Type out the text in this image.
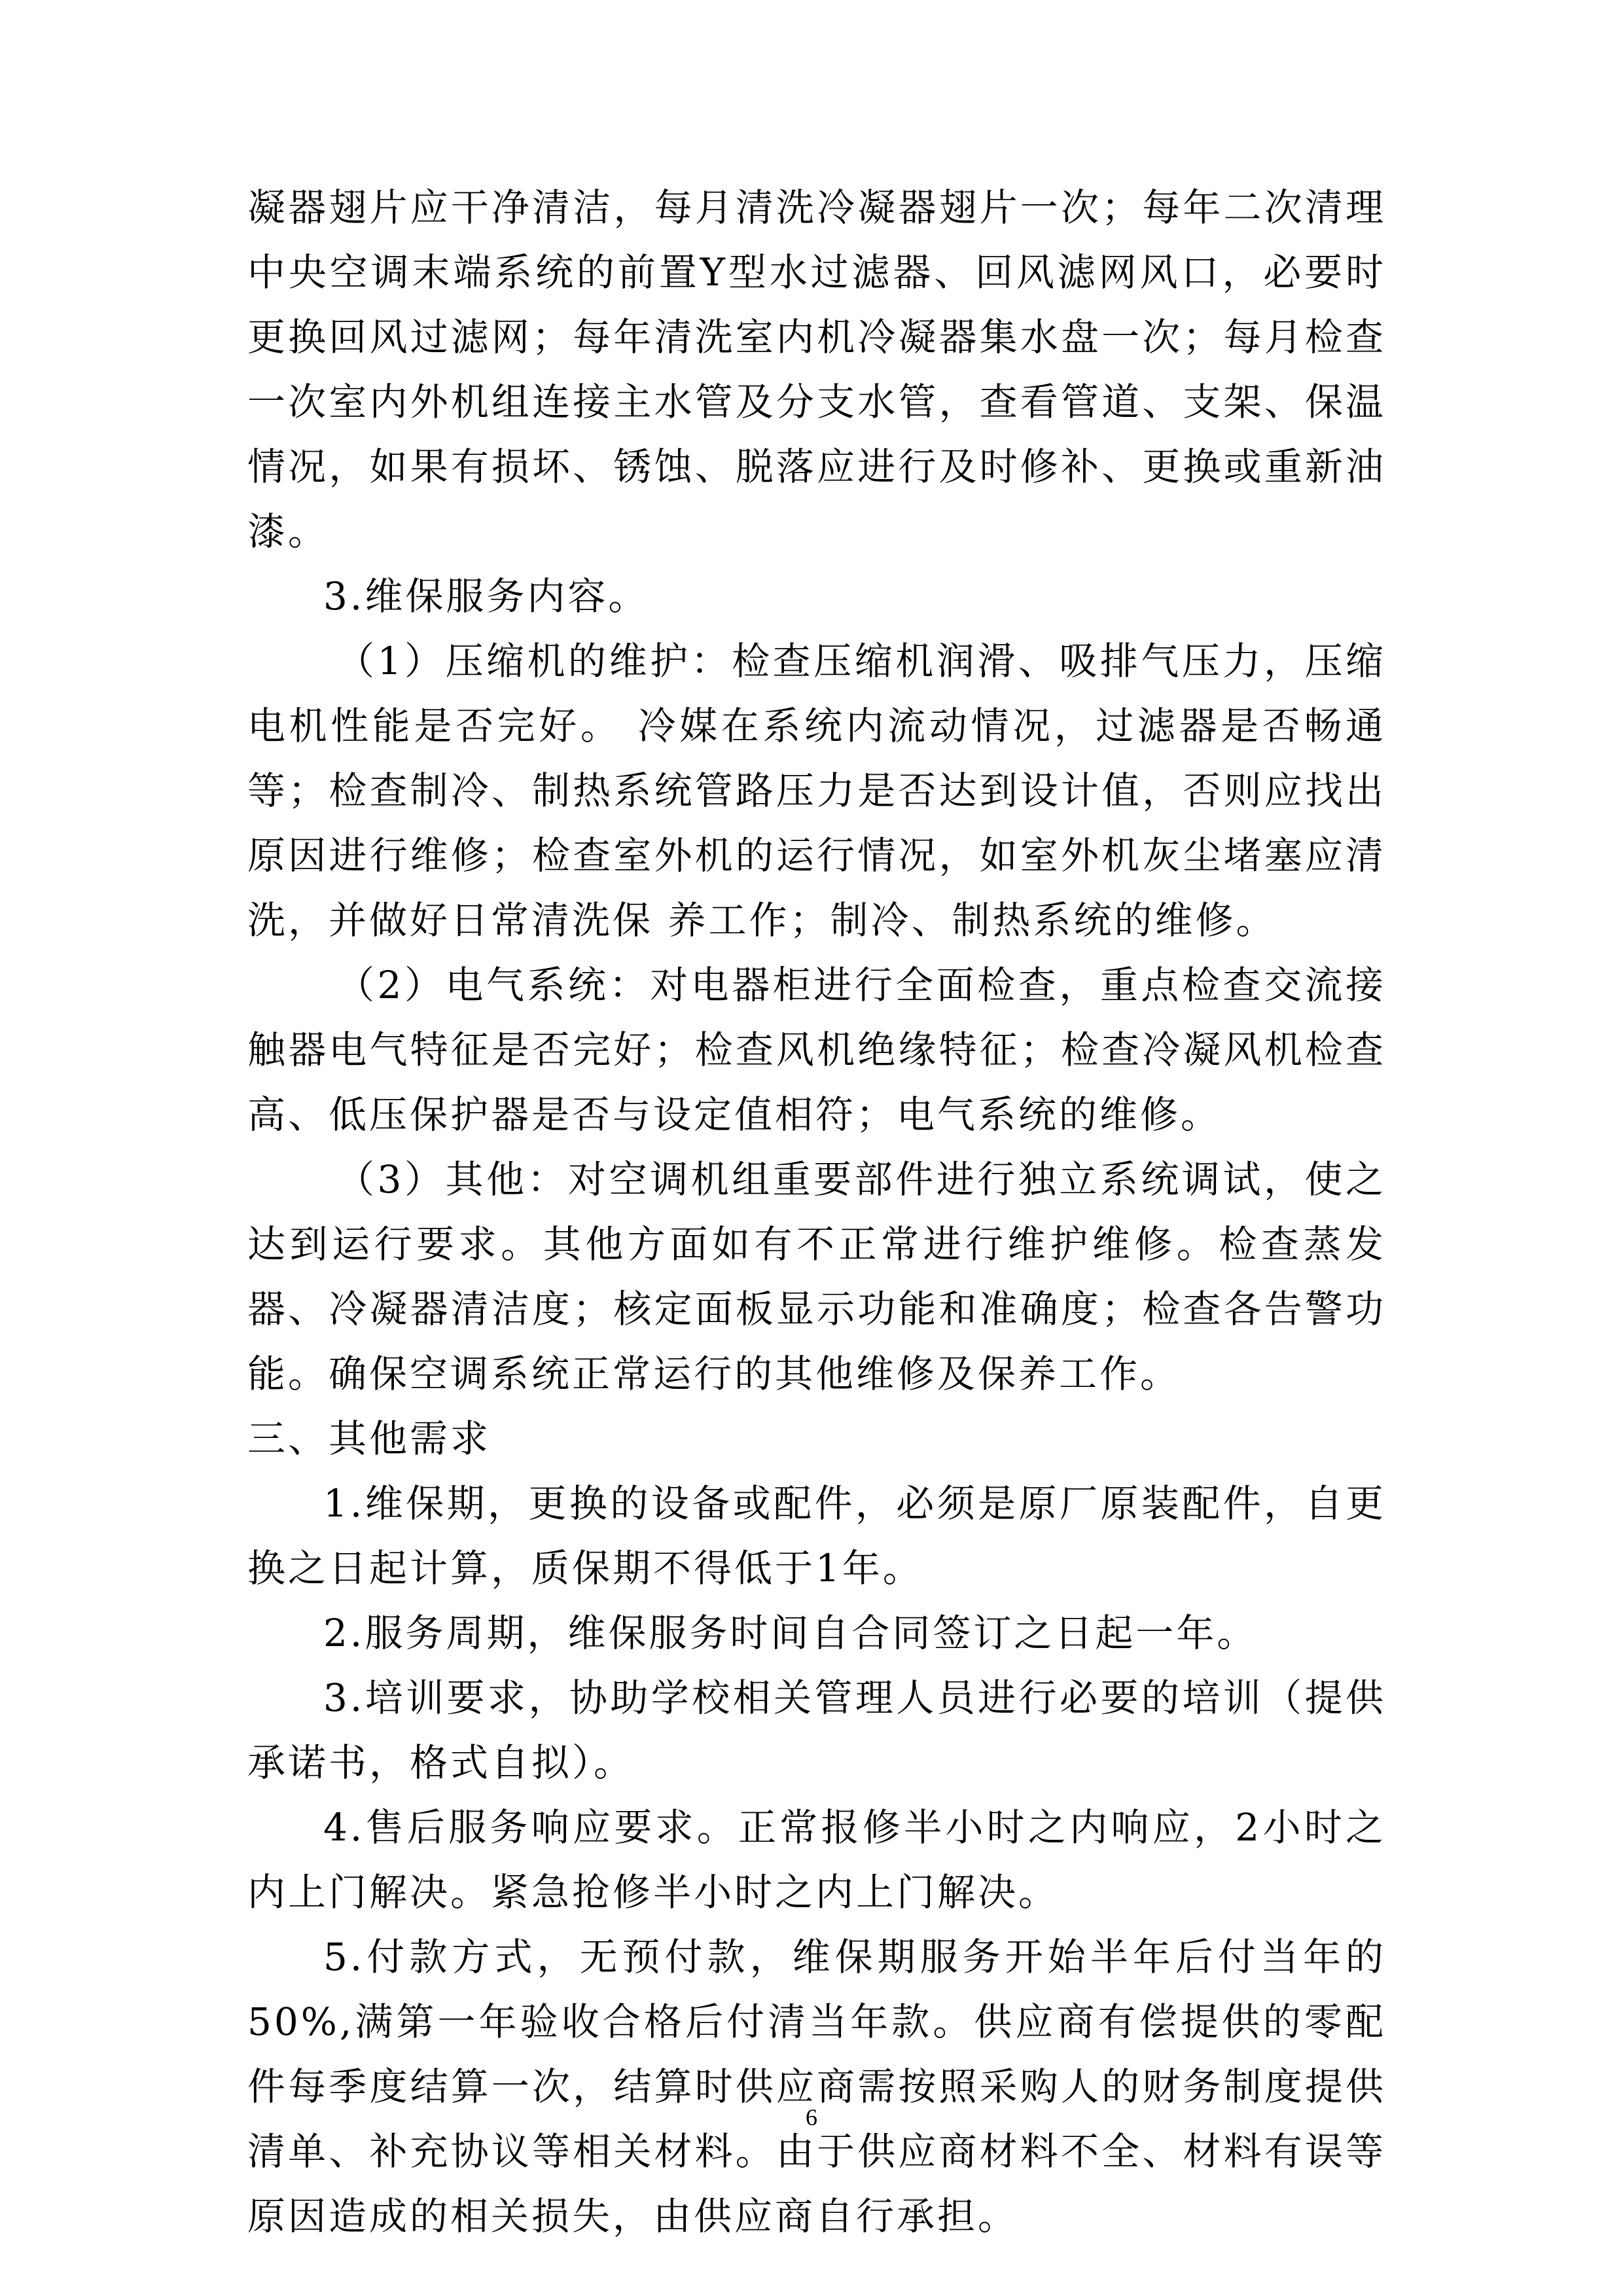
凝器翅片应干净清洁，每月清洗冷凝器翅片一次；每年二次清理中央空调末端系统的前置Y型水过滤器、回风滤网风口，必要时更换回风过滤网；每年清洗室内机冷凝器集水盘一次；每月检查一次室内外机组连接主水管及分支水管，查看管道、支架、保温情况，如果有损坏、锈蚀、脱落应进行及时修补、更换或重新油漆。

3.维保服务内容。

（1）压缩机的维护：检查压缩机润滑、吸排气压力，压缩电机性能是否完好。 冷媒在系统内流动情况，过滤器是否畅通等；检查制冷、制热系统管路压力是否达到设计值，否则应找出原因进行维修；检查室外机的运行情况，如室外机灰尘堵塞应清洗，并做好日常清洗保 养工作；制冷、制热系统的维修。

（2）电气系统：对电器柜进行全面检查，重点检查交流接触器电气特征是否完好；检查风机绝缘特征；检查冷凝风机检查高、低压保护器是否与设定值相符；电气系统的维修。

（3）其他：对空调机组重要部件进行独立系统调试，使之达到运行要求。其他方面如有不正常进行维护维修。检查蒸发器、冷凝器清洁度；核定面板显示功能和准确度；检查各告警功能。确保空调系统正常运行的其他维修及保养工作。

三、其他需求

1.维保期，更换的设备或配件，必须是原厂原装配件，自更换之日起计算，质保期不得低于1年。

2.服务周期，维保服务时间自合同签订之日起一年。

3.培训要求，协助学校相关管理人员进行必要的培训（提供承诺书，格式自拟）。

4.售后服务响应要求。正常报修半小时之内响应，2小时之内上门解决。紧急抢修半小时之内上门解决。

5.付款方式，无预付款，维保期服务开始半年后付当年的50%,满第一年验收合格后付清当年款。供应商有偿提供的零配件每季度结算一次，结算时供应商需按照采购人的财务制度提供清单、补充协议等相关材料。由于供应商材料不全、材料有误等原因造成的相关损失，由供应商自行承担。

6
